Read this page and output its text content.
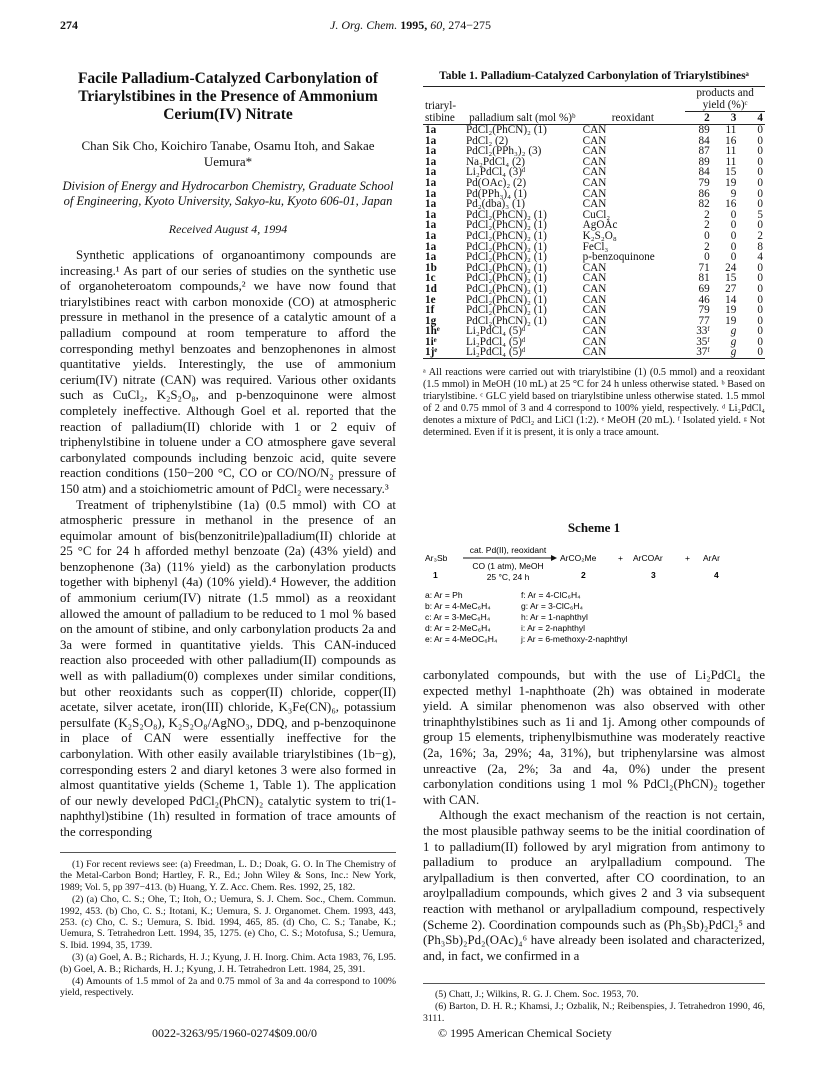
274	J. Org. Chem. 1995, 60, 274−275
Facile Palladium-Catalyzed Carbonylation of Triarylstibines in the Presence of Ammonium Cerium(IV) Nitrate
Chan Sik Cho, Koichiro Tanabe, Osamu Itoh, and Sakae Uemura*
Division of Energy and Hydrocarbon Chemistry, Graduate School of Engineering, Kyoto University, Sakyo-ku, Kyoto 606-01, Japan
Received August 4, 1994

Synthetic applications of organoantimony compounds are increasing.¹ As part of our series of studies on the synthetic use of organoheteroatom compounds,² we have now found that triarylstibines react with carbon monoxide (CO) at atmospheric pressure in methanol in the presence of a catalytic amount of a palladium compound at room temperature to afford the corresponding methyl benzoates and benzophenones in almost quantitative yields. Interestingly, the use of ammonium cerium(IV) nitrate (CAN) was required. Various other oxidants such as CuCl₂, K₂S₂O₈, and p-benzoquinone were almost completely ineffective. Although Goel et al. reported that the reaction of palladium(II) chloride with 1 or 2 equiv of triphenylstibine in toluene under a CO atmosphere gave several carbonylated compounds including benzoic acid, quite severe reaction conditions (150−200 °C, CO or CO/NO/N₂ pressure of 150 atm) and a stoichiometric amount of PdCl₂ were necessary.³

Treatment of triphenylstibine (1a) (0.5 mmol) with CO at atmospheric pressure in methanol in the presence of an equimolar amount of bis(benzonitrile)palladium(II) chloride at 25 °C for 24 h afforded methyl benzoate (2a) (43% yield) and benzophenone (3a) (11% yield) as the carbonylation products together with biphenyl (4a) (10% yield).⁴ However, the addition of ammonium cerium(IV) nitrate (1.5 mmol) as a reoxidant allowed the amount of palladium to be reduced to 1 mol % based on the amount of stibine, and only carbonylation products 2a and 3a were formed in quantitative yields. This CAN-induced reaction also proceeded with other palladium(II) compounds as well as with palladium(0) complexes under similar conditions, but other reoxidants such as copper(II) chloride, copper(II) acetate, silver acetate, iron(III) chloride, K₃Fe(CN)₆, potassium persulfate (K₂S₂O₈), K₂S₂O₈/AgNO₃, DDQ, and p-benzoquinone in place of CAN were essentially ineffective for the carbonylation. With other easily available triarylstibines (1b−g), corresponding esters 2 and diaryl ketones 3 were also formed in almost quantitative yields (Scheme 1, Table 1). The application of our newly developed PdCl₂(PhCN)₂ catalytic system to tri(1-naphthyl)stibine (1h) resulted in formation of trace amounts of the corresponding

(1) For recent reviews see: (a) Freedman, L. D.; Doak, G. O. In The Chemistry of the Metal-Carbon Bond; Hartley, F. R., Ed.; John Wiley & Sons, Inc.: New York, 1989; Vol. 5, pp 397−413. (b) Huang, Y. Z. Acc. Chem. Res. 1992, 25, 182.

(2) (a) Cho, C. S.; Ohe, T.; Itoh, O.; Uemura, S. J. Chem. Soc., Chem. Commun. 1992, 453. (b) Cho, C. S.; Itotani, K.; Uemura, S. J. Organomet. Chem. 1993, 443, 253. (c) Cho, C. S.; Uemura, S. Ibid. 1994, 465, 85. (d) Cho, C. S.; Tanabe, K.; Uemura, S. Tetrahedron Lett. 1994, 35, 1275. (e) Cho, C. S.; Motofusa, S.; Uemura, S. Ibid. 1994, 35, 1739.

(3) (a) Goel, A. B.; Richards, H. J.; Kyung, J. H. Inorg. Chim. Acta 1983, 76, L95. (b) Goel, A. B.; Richards, H. J.; Kyung, J. H. Tetrahedron Lett. 1984, 25, 391.

(4) Amounts of 1.5 mmol of 2a and 0.75 mmol of 3a and 4a correspond to 100% yield, respectively.

0022-3263/95/1960-0274$09.00/0	© 1995 American Chemical Society
Table 1. Palladium-Catalyzed Carbonylation of Triarylstibinesᵃ
triaryl-stibine	palladium salt (mol %)ᵇ	reoxidant	products and yield (%)ᶜ		
			2	3	4
1a	PdCl₂(PhCN)₂ (1)	CAN	89	11	0
1a	PdCl₂ (2)	CAN	84	16	0
1a	PdCl₂(PPh₃)₂ (3)	CAN	87	11	0
1a	Na₂PdCl₄ (2)	CAN	89	11	0
1a	Li₂PdCl₄ (3)ᵈ	CAN	84	15	0
1a	Pd(OAc)₂ (2)	CAN	79	19	0
1a	Pd(PPh₃)₄ (1)	CAN	86	9	0
1a	Pd₂(dba)₃ (1)	CAN	82	16	0
1a	PdCl₂(PhCN)₂ (1)	CuCl₂	2	0	5
1a	PdCl₂(PhCN)₂ (1)	AgOAc	2	0	0
1a	PdCl₂(PhCN)₂ (1)	K₂S₂O₈	0	0	2
1a	PdCl₂(PhCN)₂ (1)	FeCl₃	2	0	8
1a	PdCl₂(PhCN)₂ (1)	p-benzoquinone	0	0	4
1b	PdCl₂(PhCN)₂ (1)	CAN	71	24	0
1c	PdCl₂(PhCN)₂ (1)	CAN	81	15	0
1d	PdCl₂(PhCN)₂ (1)	CAN	69	27	0
1e	PdCl₂(PhCN)₂ (1)	CAN	46	14	0
1f	PdCl₂(PhCN)₂ (1)	CAN	79	19	0
1g	PdCl₂(PhCN)₂ (1)	CAN	77	19	0
1hᵉ	Li₂PdCl₄ (5)ᵈ	CAN	33ᶠ	g	0
1iᵉ	Li₂PdCl₄ (5)ᵈ	CAN	35ᶠ	g	0
1jᵉ	Li₂PdCl₄ (5)ᵈ	CAN	37ᶠ	g	0

ᵃ All reactions were carried out with triarylstibine (1) (0.5 mmol) and a reoxidant (1.5 mmol) in MeOH (10 mL) at 25 °C for 24 h unless otherwise stated. ᵇ Based on triarylstibine. ᶜ GLC yield based on triarylstibine unless otherwise stated. 1.5 mmol of 2 and 0.75 mmol of 3 and 4 correspond to 100% yield, respectively. ᵈ Li₂PdCl₄ denotes a mixture of PdCl₂ and LiCl (1:2). ᵉ MeOH (20 mL). ᶠ Isolated yield. ᵍ Not determined. Even if it is present, it is only a trace amount.
Scheme 1
Ar₃Sb
1
cat. Pd(II), reoxidant
CO (1 atm), MeOH
25 °C, 24 h
ArCO₂Me
2
+ ArCOAr
3
+ ArAr
4
a: Ar = Ph
b: Ar = 4-MeC₆H₄
c: Ar = 3-MeC₆H₄
d: Ar = 2-MeC₆H₄
e: Ar = 4-MeOC₆H₄
f: Ar = 4-ClC₆H₄
g: Ar = 3-ClC₆H₄
h: Ar = 1-naphthyl
i: Ar = 2-naphthyl
j: Ar = 6-methoxy-2-naphthyl

carbonylated compounds, but with the use of Li₂PdCl₄ the expected methyl 1-naphthoate (2h) was obtained in moderate yield. A similar phenomenon was also observed with other trinaphthylstibines such as 1i and 1j. Among other compounds of group 15 elements, triphenylbismuthine was moderately reactive (2a, 16%; 3a, 29%; 4a, 31%), but triphenylarsine was almost unreactive (2a, 2%; 3a and 4a, 0%) under the present carbonylation conditions using 1 mol % PdCl₂(PhCN)₂ together with CAN.

Although the exact mechanism of the reaction is not certain, the most plausible pathway seems to be the initial coordination of 1 to palladium(II) followed by aryl migration from antimony to palladium to produce an arylpalladium compound. The arylpalladium is then converted, after CO coordination, to an aroylpalladium compounds, which gives 2 and 3 via subsequent reaction with methanol or arylpalladium compound, respectively (Scheme 2). Coordination compounds such as (Ph₃Sb)₂PdCl₂⁵ and (Ph₃Sb)₂Pd₂(OAc)₄⁶ have already been isolated and characterized, and, in fact, we confirmed in a

(5) Chatt, J.; Wilkins, R. G. J. Chem. Soc. 1953, 70.

(6) Barton, D. H. R.; Khamsi, J.; Ozbalik, N.; Reibenspies, J. Tetrahedron 1990, 46, 3111.
